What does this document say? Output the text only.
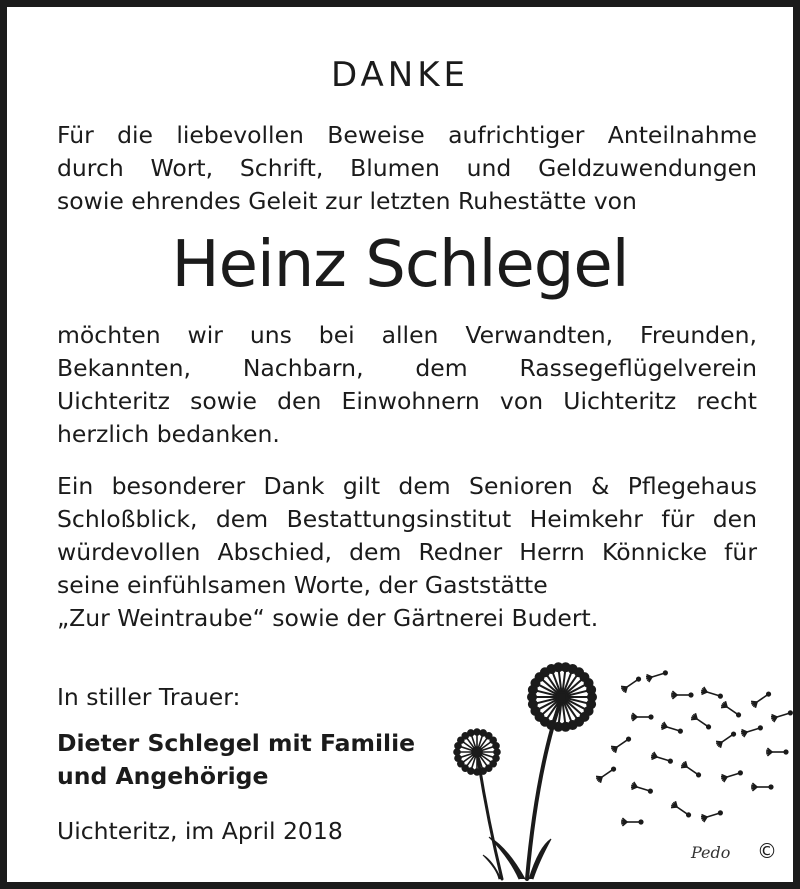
DANKE
Für die liebevollen Beweise aufrichtiger Anteilnahme
durch Wort, Schrift, Blumen und Geldzuwendungen
sowie ehrendes Geleit zur letzten Ruhestätte von
Heinz Schlegel
möchten wir uns bei allen Verwandten, Freunden,
Bekannten, Nachbarn, dem Rassegeflügelverein
Uichteritz sowie den Einwohnern von Uichteritz recht
herzlich bedanken.
Ein besonderer Dank gilt dem Senioren & Pflegehaus
Schloßblick, dem Bestattungsinstitut Heimkehr für den
würdevollen Abschied, dem Redner Herrn Könnicke für
seine einfühlsamen Worte, der Gaststätte
„Zur Weintraube“ sowie der Gärtnerei Budert.
In stiller Trauer:
Dieter Schlegel mit Familie
und Angehörige
Uichteritz, im April 2018
Pedo ©
